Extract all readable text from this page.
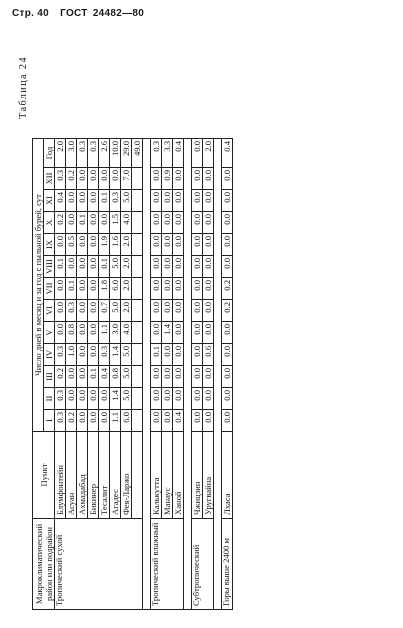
Стр. 40 ГОСТ 24482—80
Таблица 24
Макроклиматический район или подрайон	Пункт	Число дней в месяц и за год с пыльной бурей, сут												
		I	II	III	IV	V	VI	VII	VIII	IX	X	XI	XII	Год
Тропический сухой	Блумфонтейн	0.3	0.3	0.2	0.3	0.0	0.0	0.0	0.1	0.0	0.2	0.4	0.3	2.0
	Асуан	0.2	0.0	0.0	1.0	0.8	0.3	0.1	0.0	0.5	0.0	0.0	0.2	3.0
	Ахмадабад	0.0	0.0	0.0	0.0	0.0	0.0	0.0	0.0	0.0	0.1	0.0	0.0	0.3
	Бикинер	0.0	0.0	0.1	0.0	0.0	0.0	0.0	0.0	0.0	0.0	0.0	0.0	0.3
	Тесалит	0.0	0.0	0.4	0.3	1.1	0.7	1.8	0.1	1.9	0.0	0.1	0.0	2.6
	Агадес	1.1	1.4	0.8	1.4	3.0	5.0	6.0	5.0	1.6	1.5	0.3	0.0	10.0
	Фея-Ларжо	6.0	5.0	5.0	5.0	4.0	2.0	2.0	2.0	2.0	4.0	5.0	7.0	29.0
														49.0

Тропический влажный	Калькутта	0.0	0.0	0.0	0.1	0.0	0.0	0.0	0.0	0.0	0.0	0.0	0.0	0.3
	Манаус	0.0	0.0	0.0	0.0	1.4	0.0	0.0	0.0	0.0	0.0	0.0	0.9	3.3
	Ханой	0.4	0.0	0.0	0.0	0.0	0.0	0.0	0.0	0.0	0.0	0.0	0.0	0.4

Субтропический	Чжицзин	0.0	0.0	0.0	0.0	0.0	0.0	0.0	0.0	0.0	0.0	0.0	0.0	0.0
	Уругвайна	0.0	0.0	0.0	0.6	0.0	0.0	0.0	0.0	0.0	0.0	0.0	0.0	2.0

Горы выше 2400 м	Лхаса	0.0	0.0	0.0	0.0	0.0	0.2	0.2	0.0	0.0	0.0	0.0	0.0	0.4
